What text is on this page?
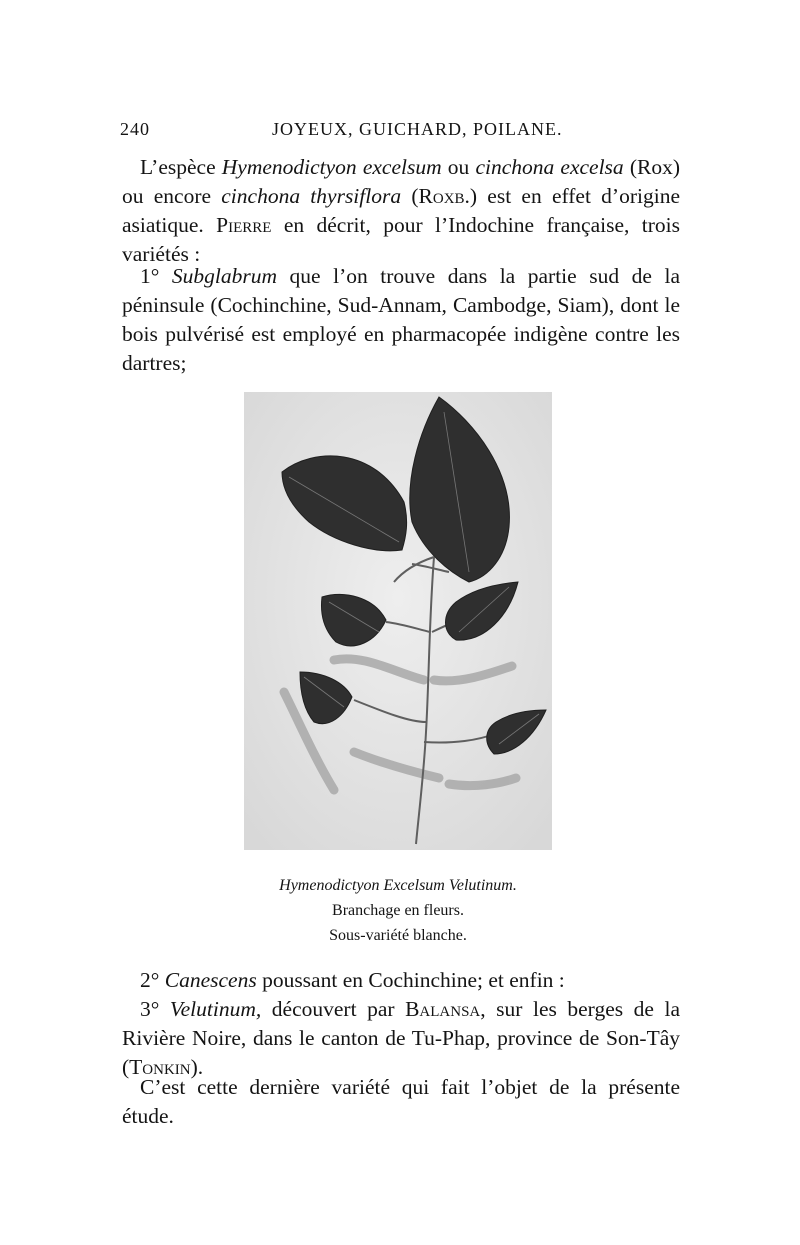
240	JOYEUX, GUICHARD, POILANE.

L’espèce Hymenodictyon excelsum ou cinchona excelsa (Rox) ou encore cinchona thyrsiflora (Roxb.) est en effet d’origine asiatique. Pierre en décrit, pour l’Indochine française, trois variétés :

1° Subglabrum que l’on trouve dans la partie sud de la péninsule (Cochinchine, Sud-Annam, Cambodge, Siam), dont le bois pulvérisé est employé en pharmacopée indigène contre les dartres;

Hymenodictyon Excelsum Velutinum.
Branchage en fleurs.
Sous-variété blanche.

2° Canescens poussant en Cochinchine; et enfin :

3° Velutinum, découvert par Balansa, sur les berges de la Rivière Noire, dans le canton de Tu-Phap, province de Son-Tây (Tonkin).

C’est cette dernière variété qui fait l’objet de la présente étude.
